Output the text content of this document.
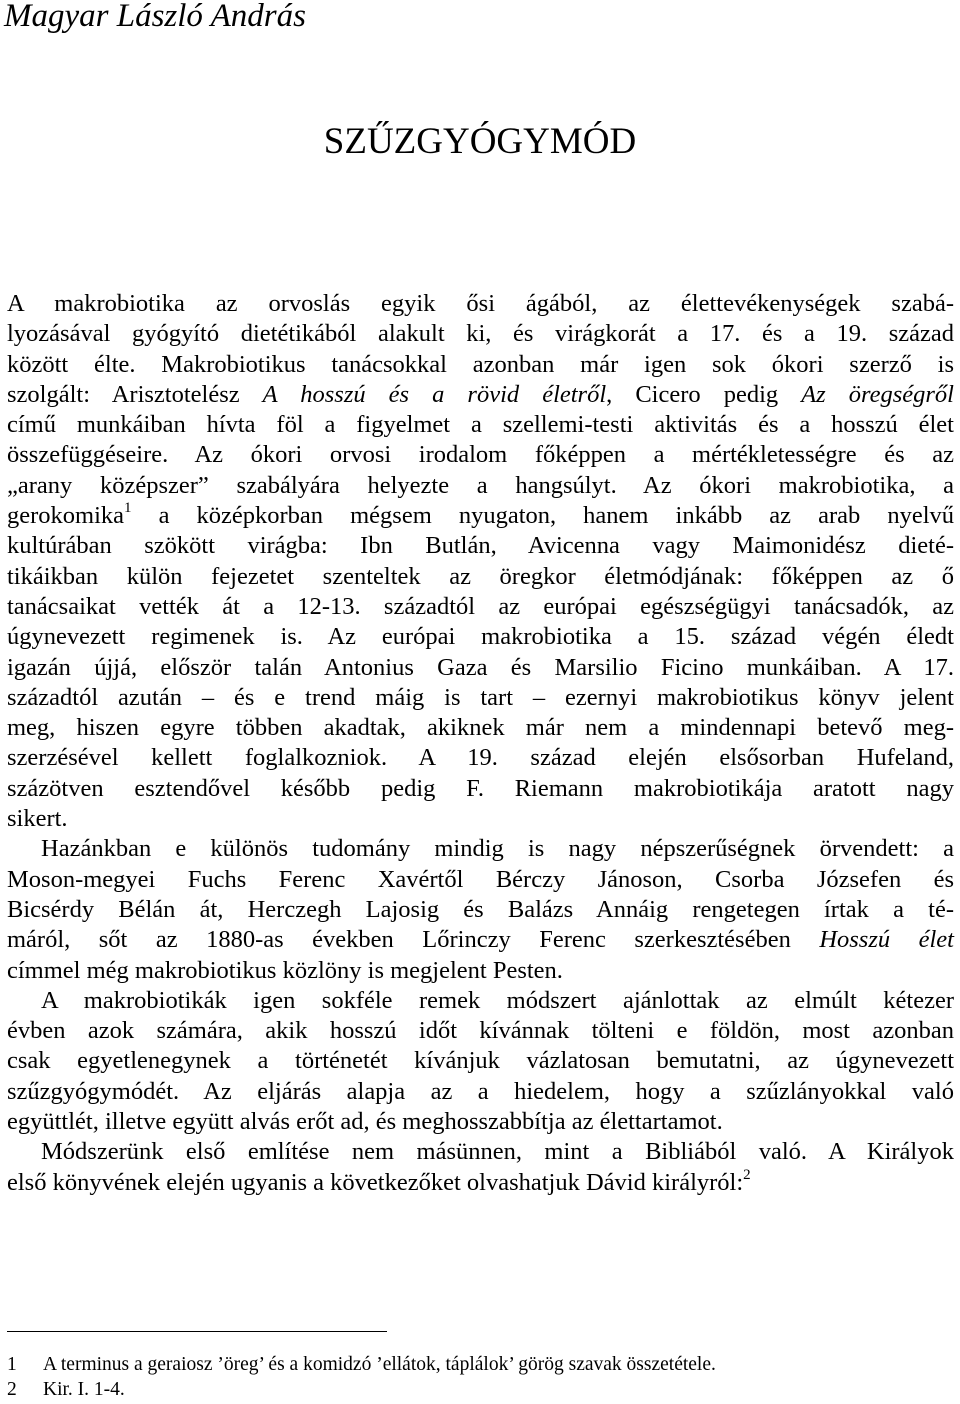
Magyar László András
SZŰZGYÓGYMÓD
A makrobiotika az orvoslás egyik ősi ágából, az élettevékenységek szabá-
lyozásával gyógyító dietétikából alakult ki, és virágkorát a 17. és a 19. század
között élte. Makrobiotikus tanácsokkal azonban már igen sok ókori szerző is
szolgált: Arisztotelész A hosszú és a rövid életről, Cicero pedig Az öregségről
című munkáiban hívta föl a figyelmet a szellemi-testi aktivitás és a hosszú élet
összefüggéseire. Az ókori orvosi irodalom főképpen a mértékletességre és az
„arany középszer” szabályára helyezte a hangsúlyt. Az ókori makrobiotika, a
gerokomika$^1$ a középkorban mégsem nyugaton, hanem inkább az arab nyelvű
kultúrában szökött virágba: Ibn Butlán, Avicenna vagy Maimonidész dieté-
tikáikban külön fejezetet szenteltek az öregkor életmódjának: főképpen az ő
tanácsaikat vették át a 12-13. századtól az európai egészségügyi tanácsadók, az
úgynevezett regimenek is. Az európai makrobiotika a 15. század végén éledt
igazán újjá, először talán Antonius Gaza és Marsilio Ficino munkáiban. A 17.
századtól azután – és e trend máig is tart – ezernyi makrobiotikus könyv jelent
meg, hiszen egyre többen akadtak, akiknek már nem a mindennapi betevő meg-
szerzésével kellett foglalkozniok. A 19. század elején elsősorban Hufeland,
százötven esztendővel később pedig F. Riemann makrobiotikája aratott nagy
sikert.
Hazánkban e különös tudomány mindig is nagy népszerűségnek örvendett: a
Moson-megyei Fuchs Ferenc Xavértől Bérczy Jánoson, Csorba Józsefen és
Bicsérdy Bélán át, Herczegh Lajosig és Balázs Annáig rengetegen írtak a té-
máról, sőt az 1880-as években Lőrinczy Ferenc szerkesztésében Hosszú élet
címmel még makrobiotikus közlöny is megjelent Pesten.
A makrobiotikák igen sokféle remek módszert ajánlottak az elmúlt kétezer
évben azok számára, akik hosszú időt kívánnak tölteni e földön, most azonban
csak egyetlenegynek a történetét kívánjuk vázlatosan bemutatni, az úgynevezett
szűzgyógymódét. Az eljárás alapja az a hiedelem, hogy a szűzlányokkal való
együttlét, illetve együtt alvás erőt ad, és meghosszabbítja az élettartamot.
Módszerünk első említése nem másünnen, mint a Bibliából való. A Királyok
első könyvének elején ugyanis a következőket olvashatjuk Dávid királyról:$^2$
1 A terminus a geraiosz ’öreg’ és a komidzó ’ellátok, táplálok’ görög szavak összetétele.
2 Kir. I. 1-4.
